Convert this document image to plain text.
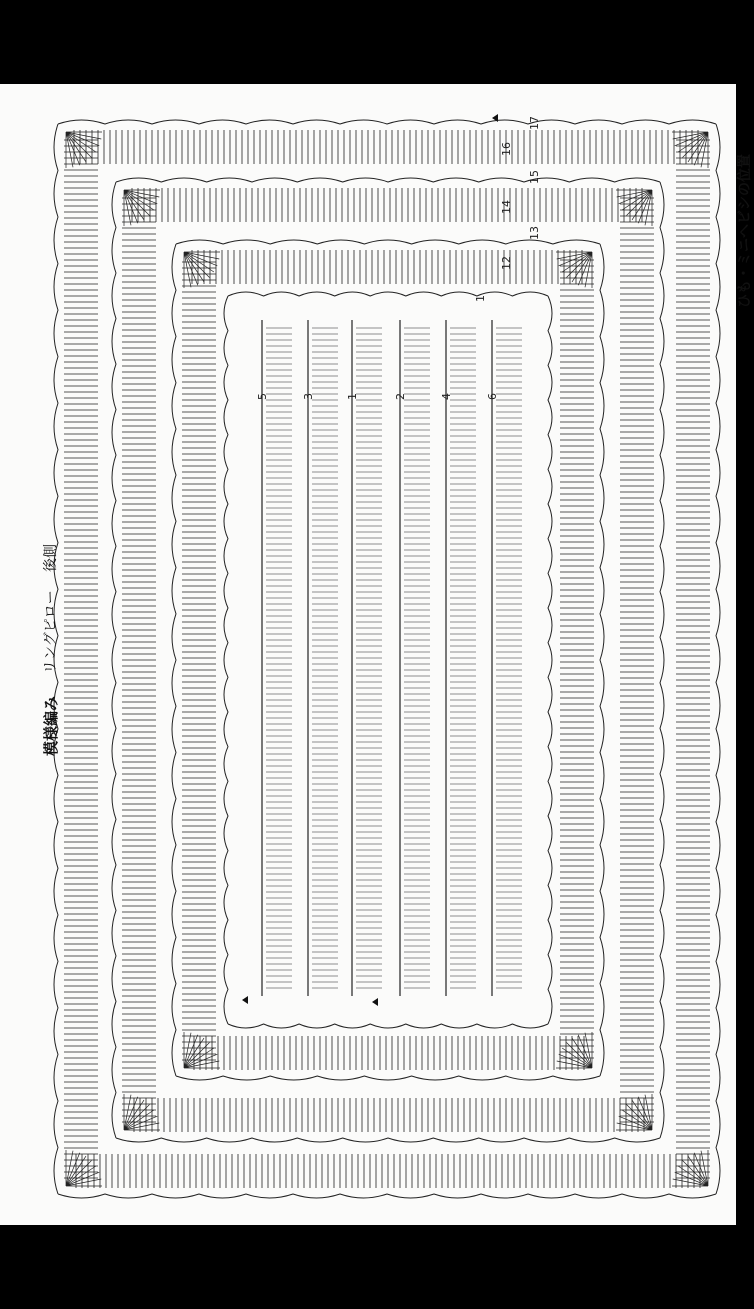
17
16
15
14
13
12
1
5	3	1	2	4	6
模様編み
リングピロー
後側
ひも・ミニヘビシの位置
